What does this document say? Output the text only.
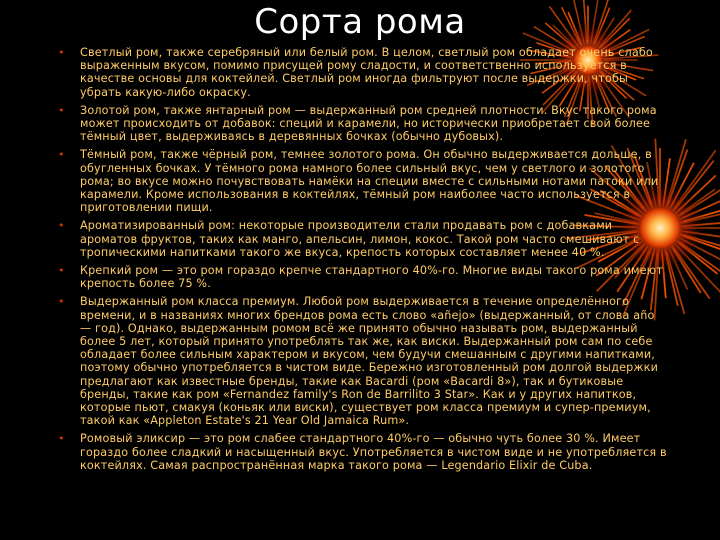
Сорта рома
• Светлый ром, также серебряный или белый ром. В целом, светлый ром обладает очень слабо выраженным вкусом, помимо присущей рому сладости, и соответственно используется в качестве основы для коктейлей. Светлый ром иногда фильтруют после выдержки, чтобы убрать какую-либо окраску.
• Золотой ром, также янтарный ром — выдержанный ром средней плотности. Вкус такого рома может происходить от добавок: специй и карамели, но исторически приобретает свой более тёмный цвет, выдерживаясь в деревянных бочках (обычно дубовых).
• Тёмный ром, также чёрный ром, темнее золотого рома. Он обычно выдерживается дольше, в обугленных бочках. У тёмного рома намного более сильный вкус, чем у светлого и золотого рома; во вкусе можно почувствовать намёки на специи вместе с сильными нотами патоки или карамели. Кроме использования в коктейлях, тёмный ром наиболее часто используется в приготовлении пищи.
• Ароматизированный ром: некоторые производители стали продавать ром с добавками ароматов фруктов, таких как манго, апельсин, лимон, кокос. Такой ром часто смешивают с тропическими напитками такого же вкуса, крепость которых составляет менее 40 %.
• Крепкий ром — это ром гораздо крепче стандартного 40%-го. Многие виды такого рома имеют крепость более 75 %.
• Выдержанный ром класса премиум. Любой ром выдерживается в течение определённого времени, и в названиях многих брендов рома есть слово «añejo» (выдержанный, от слова año — год). Однако, выдержанным ромом всё же принято обычно называть ром, выдержанный более 5 лет, который принято употреблять так же, как виски. Выдержанный ром сам по себе обладает более сильным характером и вкусом, чем будучи смешанным с другими напитками, поэтому обычно употребляется в чистом виде. Бережно изготовленный ром долгой выдержки предлагают как известные бренды, такие как Bacardi (ром «Bacardi 8»), так и бутиковые бренды, такие как ром «Fernandez family's Ron de Barrilito 3 Star». Как и у других напитков, которые пьют, смакуя (коньяк или виски), существует ром класса премиум и супер-премиум, такой как «Appleton Estate's 21 Year Old Jamaica Rum».
• Ромовый эликсир — это ром слабее стандартного 40%-го — обычно чуть более 30 %. Имеет гораздо более сладкий и насыщенный вкус. Употребляется в чистом виде и не употребляется в коктейлях. Самая распространённая марка такого рома — Legendario Elixir de Cuba.
